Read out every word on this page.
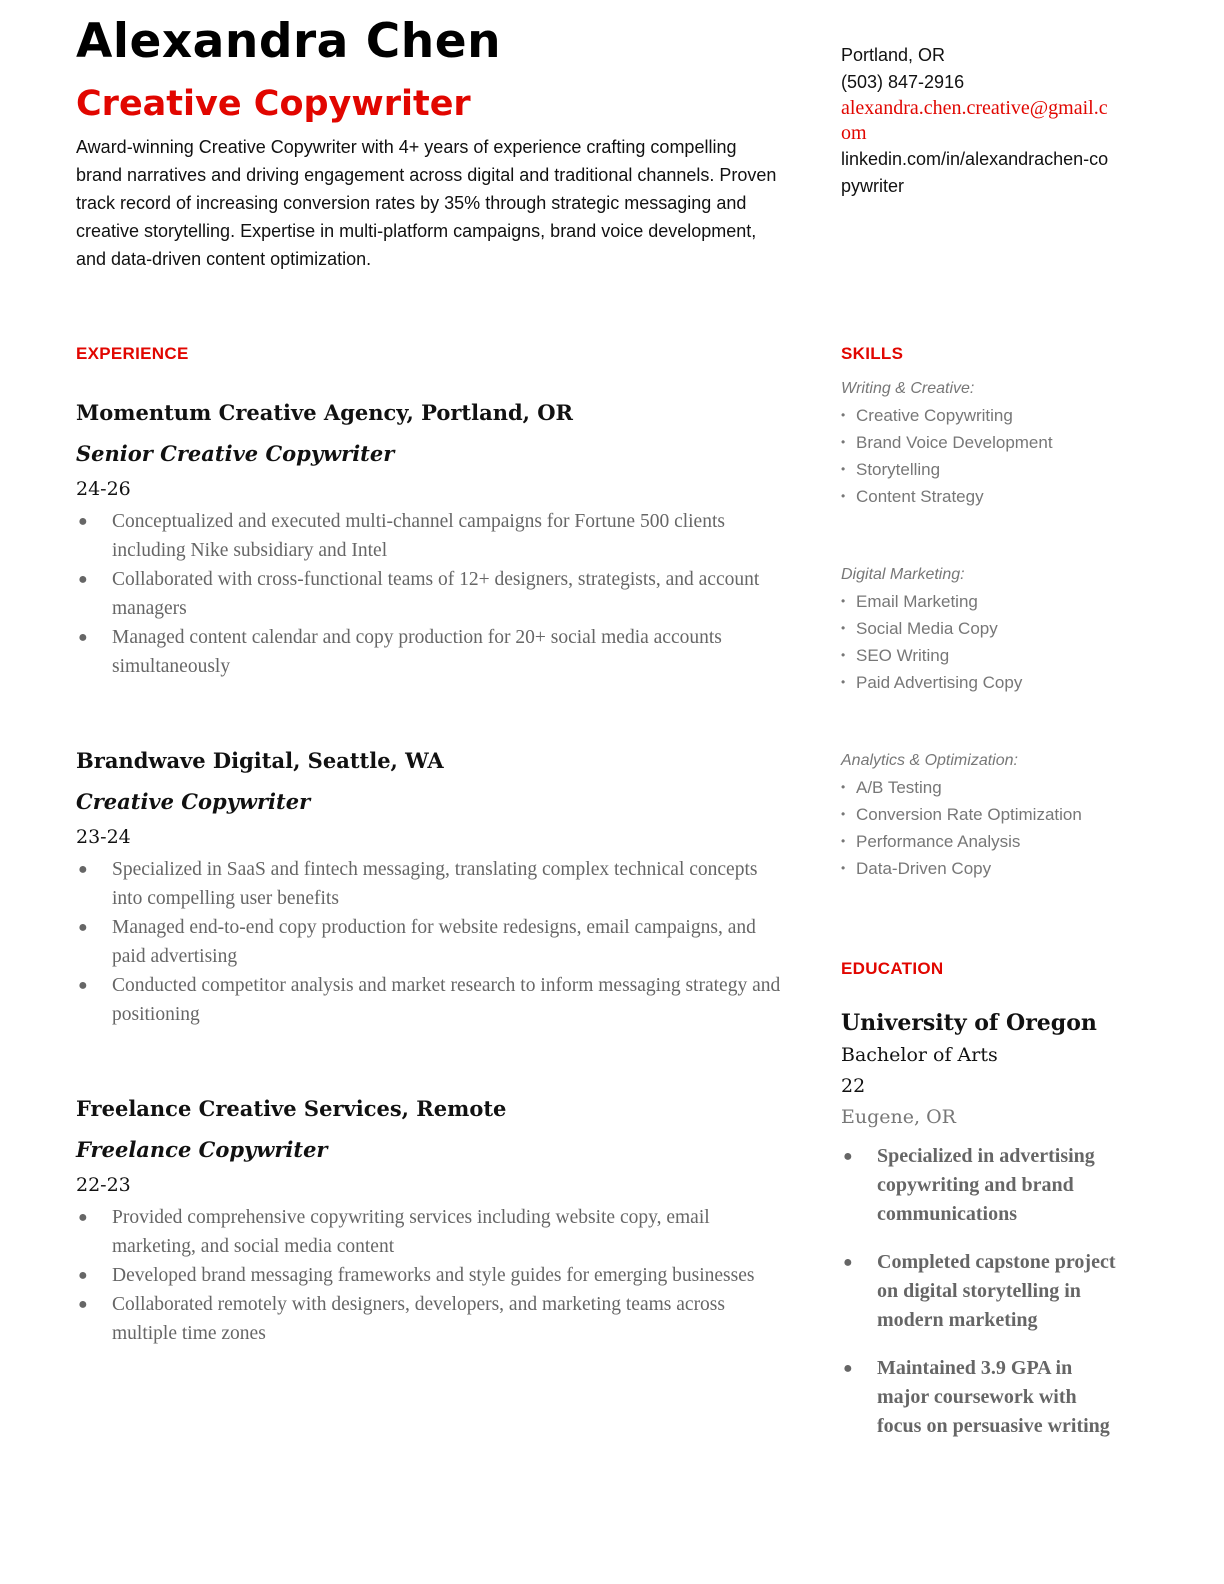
Alexandra Chen
Creative Copywriter

Award-winning Creative Copywriter with 4+ years of experience crafting compelling brand narratives and driving engagement across digital and traditional channels. Proven track record of increasing conversion rates by 35% through strategic messaging and creative storytelling. Expertise in multi-platform campaigns, brand voice development, and data-driven content optimization.

Portland, OR
(503) 847-2916
alexandra.chen.creative@gmail.com
linkedin.com/in/alexandrachen-copywriter
EXPERIENCE
Momentum Creative Agency, Portland, OR
Senior Creative Copywriter
24-26
● Conceptualized and executed multi-channel campaigns for Fortune 500 clients including Nike subsidiary and Intel
● Collaborated with cross-functional teams of 12+ designers, strategists, and account managers
● Managed content calendar and copy production for 20+ social media accounts simultaneously
Brandwave Digital, Seattle, WA
Creative Copywriter
23-24
● Specialized in SaaS and fintech messaging, translating complex technical concepts into compelling user benefits
● Managed end-to-end copy production for website redesigns, email campaigns, and paid advertising
● Conducted competitor analysis and market research to inform messaging strategy and positioning
Freelance Creative Services, Remote
Freelance Copywriter
22-23
● Provided comprehensive copywriting services including website copy, email marketing, and social media content
● Developed brand messaging frameworks and style guides for emerging businesses
● Collaborated remotely with designers, developers, and marketing teams across multiple time zones
SKILLS
Writing & Creative:
• Creative Copywriting
• Brand Voice Development
• Storytelling
• Content Strategy
Digital Marketing:
• Email Marketing
• Social Media Copy
• SEO Writing
• Paid Advertising Copy
Analytics & Optimization:
• A/B Testing
• Conversion Rate Optimization
• Performance Analysis
• Data-Driven Copy
EDUCATION
University of Oregon
Bachelor of Arts
22
Eugene, OR
● Specialized in advertising copywriting and brand communications
● Completed capstone project on digital storytelling in modern marketing
● Maintained 3.9 GPA in major coursework with focus on persuasive writing
